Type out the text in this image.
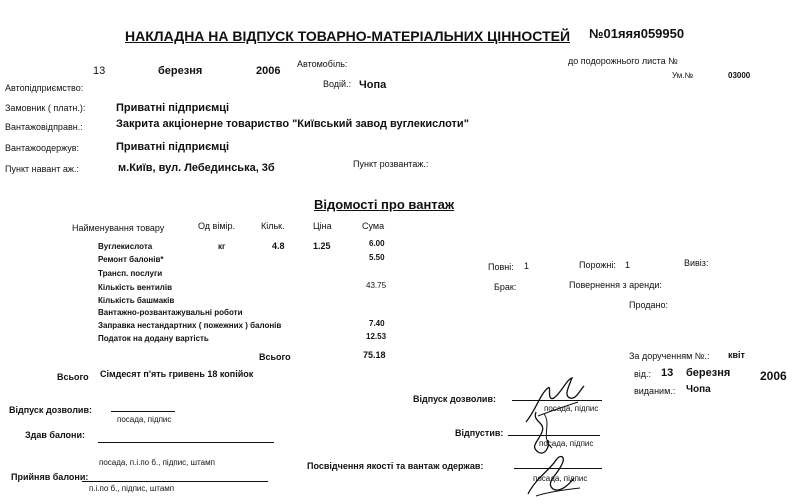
НАКЛАДНА НА ВІДПУСК ТОВАРНО-МАТЕРІАЛЬНИХ ЦІННОСТЕЙ №01яяя059950
13	березня	2006
Автомобіль:	до подорожнього листа №
Автопідприємство:	Водій.: Чопа
Ум.№	03000
Замовник ( платн.):	Приватні підприємці
Вантажовідправн.:	Закрита акціонерне товариство "Київський завод вуглекислоти"
Вантажоодержув:	Приватні підприємці
Пункт навант аж.:	м.Київ, вул. Лебединська, 3б	Пункт розвантаж.:
Відомості про вантаж
Найменування товару	Од вімір.	Кільк.	Ціна	Сума
Вуглекислота	кг	4.8	1.25	6.00
Ремонт балонів*	5.50
Трансп. послуги
Кількість вентилів	43.75
Кількість башмаків
Вантажно-розвантажувальні роботи
Заправка нестандартних ( пожежних ) балонів	7.40
Податок на додану вартість	12.53
Всього	75.18
Всього Сімдесят п'ять гривень 18 копійок
Повні: 1	Порожні: 1	Вивіз:
Брак:	Повернення з аренди:
Продано:
За дорученням №.: квіт
від.: 13 березня 2006
виданим.: Чопа
Відпуск дозволив:
посада, підпис
Здав балони:
посада, п.і.по б., підпис, штамп
Прийняв балони:
п.і.по б., підпис, штамп
Відпуск дозволив:
посада, підпис
Відпустив:
посада, підпис
Посвідчення якості та вантаж одержав:
посада, підпис
